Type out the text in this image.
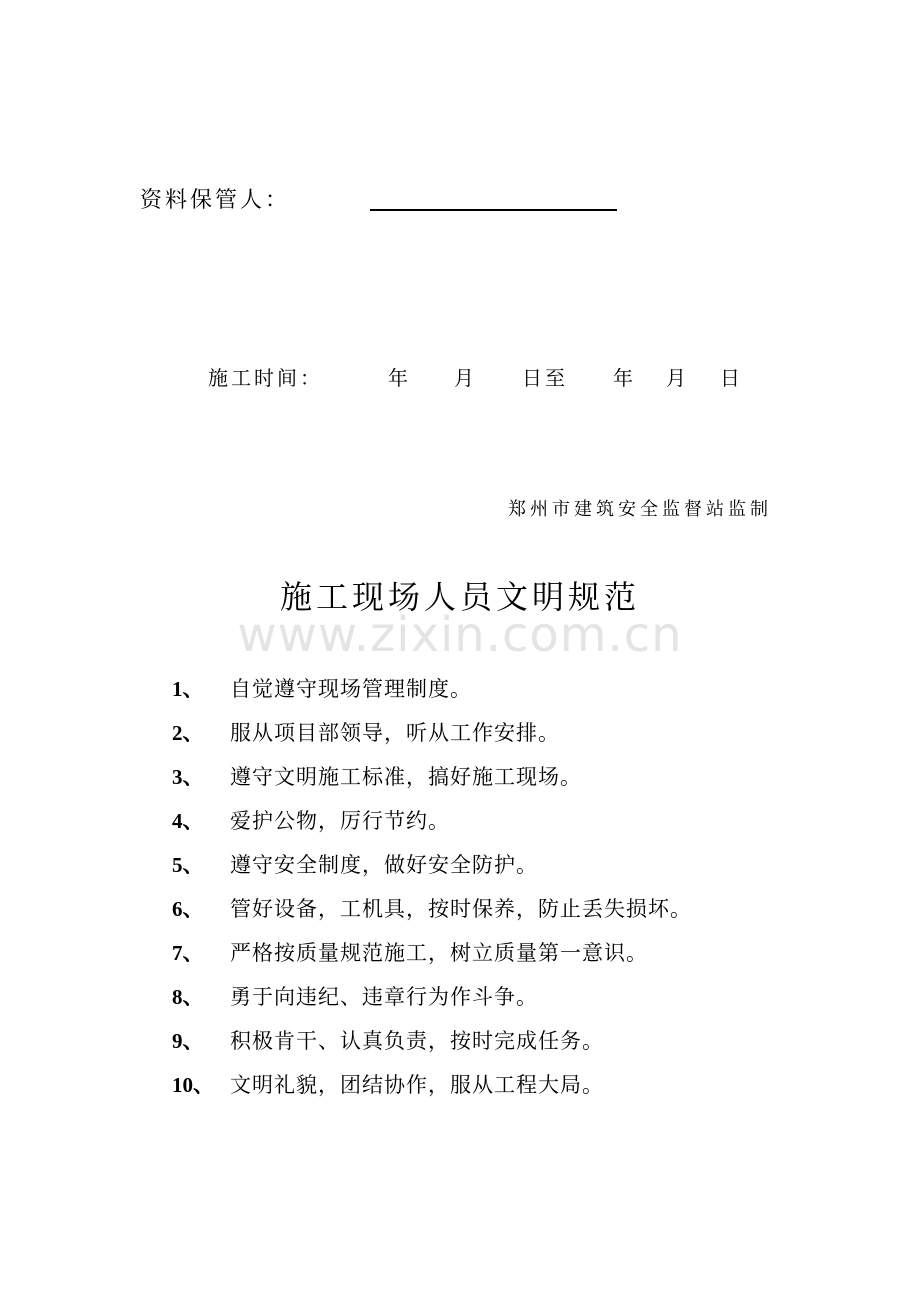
资料保管人：
施工时间：	年 月 日至 年 月 日
郑州市建筑安全监督站监制
www.zixin.com.cn
施工现场人员文明规范
1、 自觉遵守现场管理制度。
2、 服从项目部领导，听从工作安排。
3、 遵守文明施工标准，搞好施工现场。
4、 爱护公物，厉行节约。
5、 遵守安全制度，做好安全防护。
6、 管好设备，工机具，按时保养，防止丢失损坏。
7、 严格按质量规范施工，树立质量第一意识。
8、 勇于向违纪、违章行为作斗争。
9、 积极肯干、认真负责，按时完成任务。
10、 文明礼貌，团结协作，服从工程大局。
